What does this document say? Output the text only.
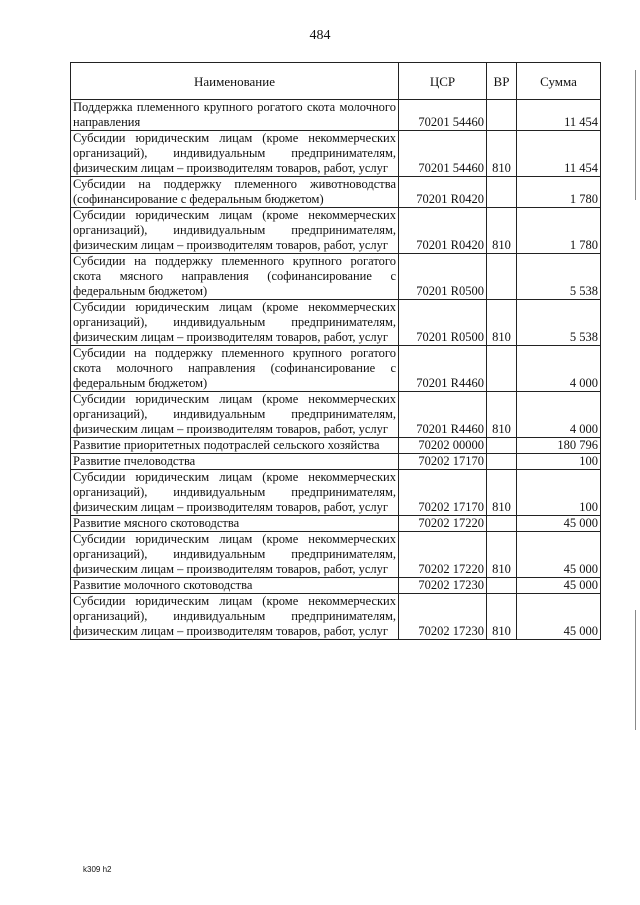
484
Наименование	ЦСР	ВР	Сумма
Поддержка племенного крупного рогатого скота молочного направления	70201 54460		11 454
Субсидии юридическим лицам (кроме некоммерческих организаций), индивидуальным предпринимателям, физическим лицам – производителям товаров, работ, услуг	70201 54460	810	11 454
Субсидии на поддержку племенного животноводства (софинансирование с федеральным бюджетом)	70201 R0420		1 780
Субсидии юридическим лицам (кроме некоммерческих организаций), индивидуальным предпринимателям, физическим лицам – производителям товаров, работ, услуг	70201 R0420	810	1 780
Субсидии на поддержку племенного крупного рогатого скота мясного направления (софинансирование с федеральным бюджетом)	70201 R0500		5 538
Субсидии юридическим лицам (кроме некоммерческих организаций), индивидуальным предпринимателям, физическим лицам – производителям товаров, работ, услуг	70201 R0500	810	5 538
Субсидии на поддержку племенного крупного рогатого скота молочного направления (софинансирование с федеральным бюджетом)	70201 R4460		4 000
Субсидии юридическим лицам (кроме некоммерческих организаций), индивидуальным предпринимателям, физическим лицам – производителям товаров, работ, услуг	70201 R4460	810	4 000
Развитие приоритетных подотраслей сельского хозяйства	70202 00000		180 796
Развитие пчеловодства	70202 17170		100
Субсидии юридическим лицам (кроме некоммерческих организаций), индивидуальным предпринимателям, физическим лицам – производителям товаров, работ, услуг	70202 17170	810	100
Развитие мясного скотоводства	70202 17220		45 000
Субсидии юридическим лицам (кроме некоммерческих организаций), индивидуальным предпринимателям, физическим лицам – производителям товаров, работ, услуг	70202 17220	810	45 000
Развитие молочного скотоводства	70202 17230		45 000
Субсидии юридическим лицам (кроме некоммерческих организаций), индивидуальным предпринимателям, физическим лицам – производителям товаров, работ, услуг	70202 17230	810	45 000
k309 h2
